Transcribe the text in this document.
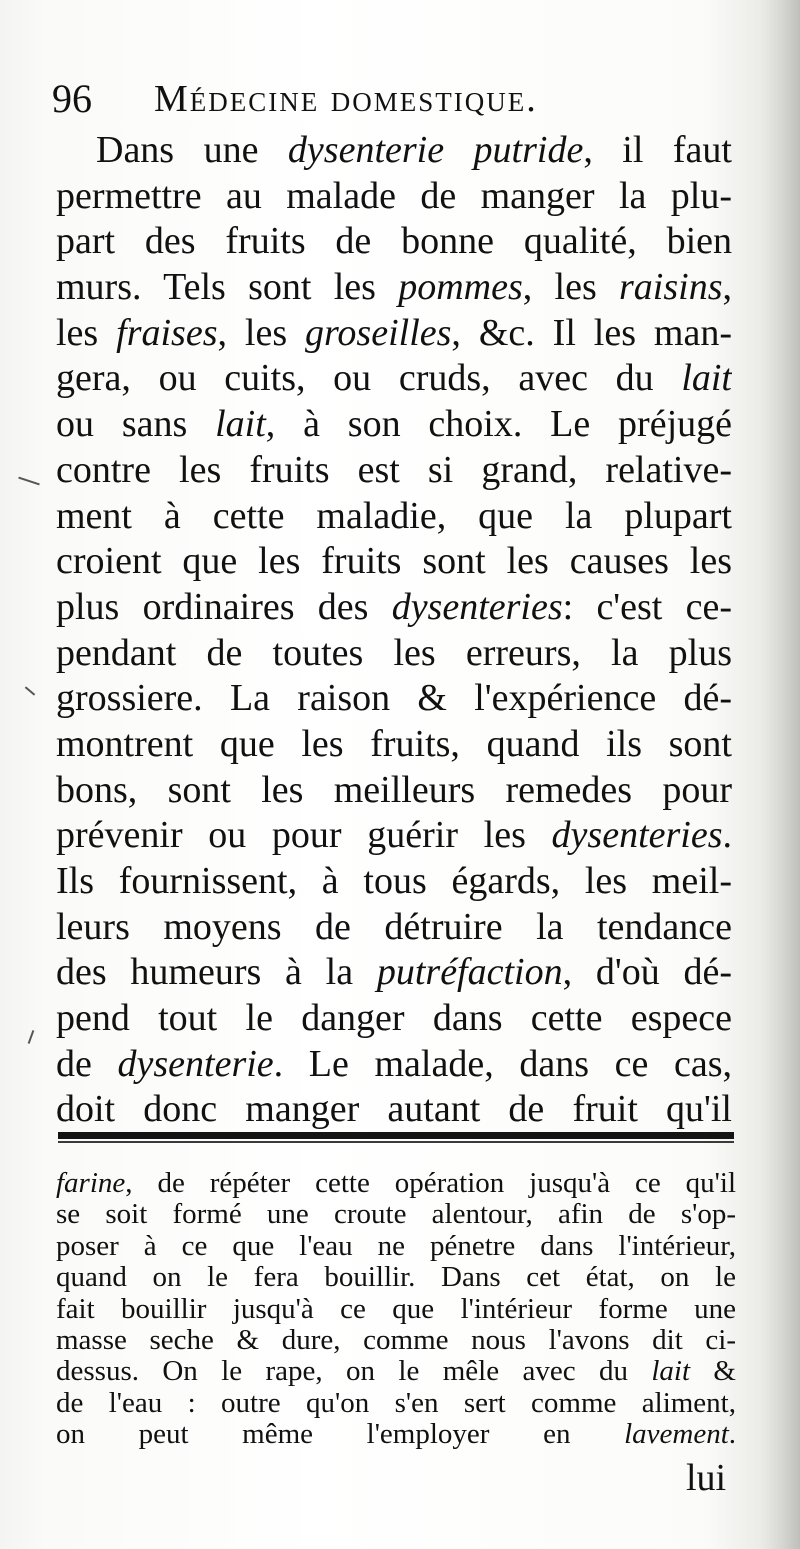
96 Médecine domestique.
Dans une dysenterie putride, il faut
permettre au malade de manger la plu-
part des fruits de bonne qualité, bien
murs. Tels sont les pommes, les raisins,
les fraises, les groseilles, &c. Il les man-
gera, ou cuits, ou cruds, avec du lait
ou sans lait, à son choix. Le préjugé
contre les fruits est si grand, relative-
ment à cette maladie, que la plupart
croient que les fruits sont les causes les
plus ordinaires des dysenteries: c'est ce-
pendant de toutes les erreurs, la plus
grossiere. La raison & l'expérience dé-
montrent que les fruits, quand ils sont
bons, sont les meilleurs remedes pour
prévenir ou pour guérir les dysenteries.
Ils fournissent, à tous égards, les meil-
leurs moyens de détruire la tendance
des humeurs à la putréfaction, d'où dé-
pend tout le danger dans cette espece
de dysenterie. Le malade, dans ce cas,
doit donc manger autant de fruit qu'il
farine, de répéter cette opération jusqu'à ce qu'il
se soit formé une croute alentour, afin de s'op-
poser à ce que l'eau ne pénetre dans l'intérieur,
quand on le fera bouillir. Dans cet état, on le
fait bouillir jusqu'à ce que l'intérieur forme une
masse seche & dure, comme nous l'avons dit ci-
dessus. On le rape, on le mêle avec du lait &
de l'eau : outre qu'on s'en sert comme aliment,
on peut même l'employer en lavement.
lui
